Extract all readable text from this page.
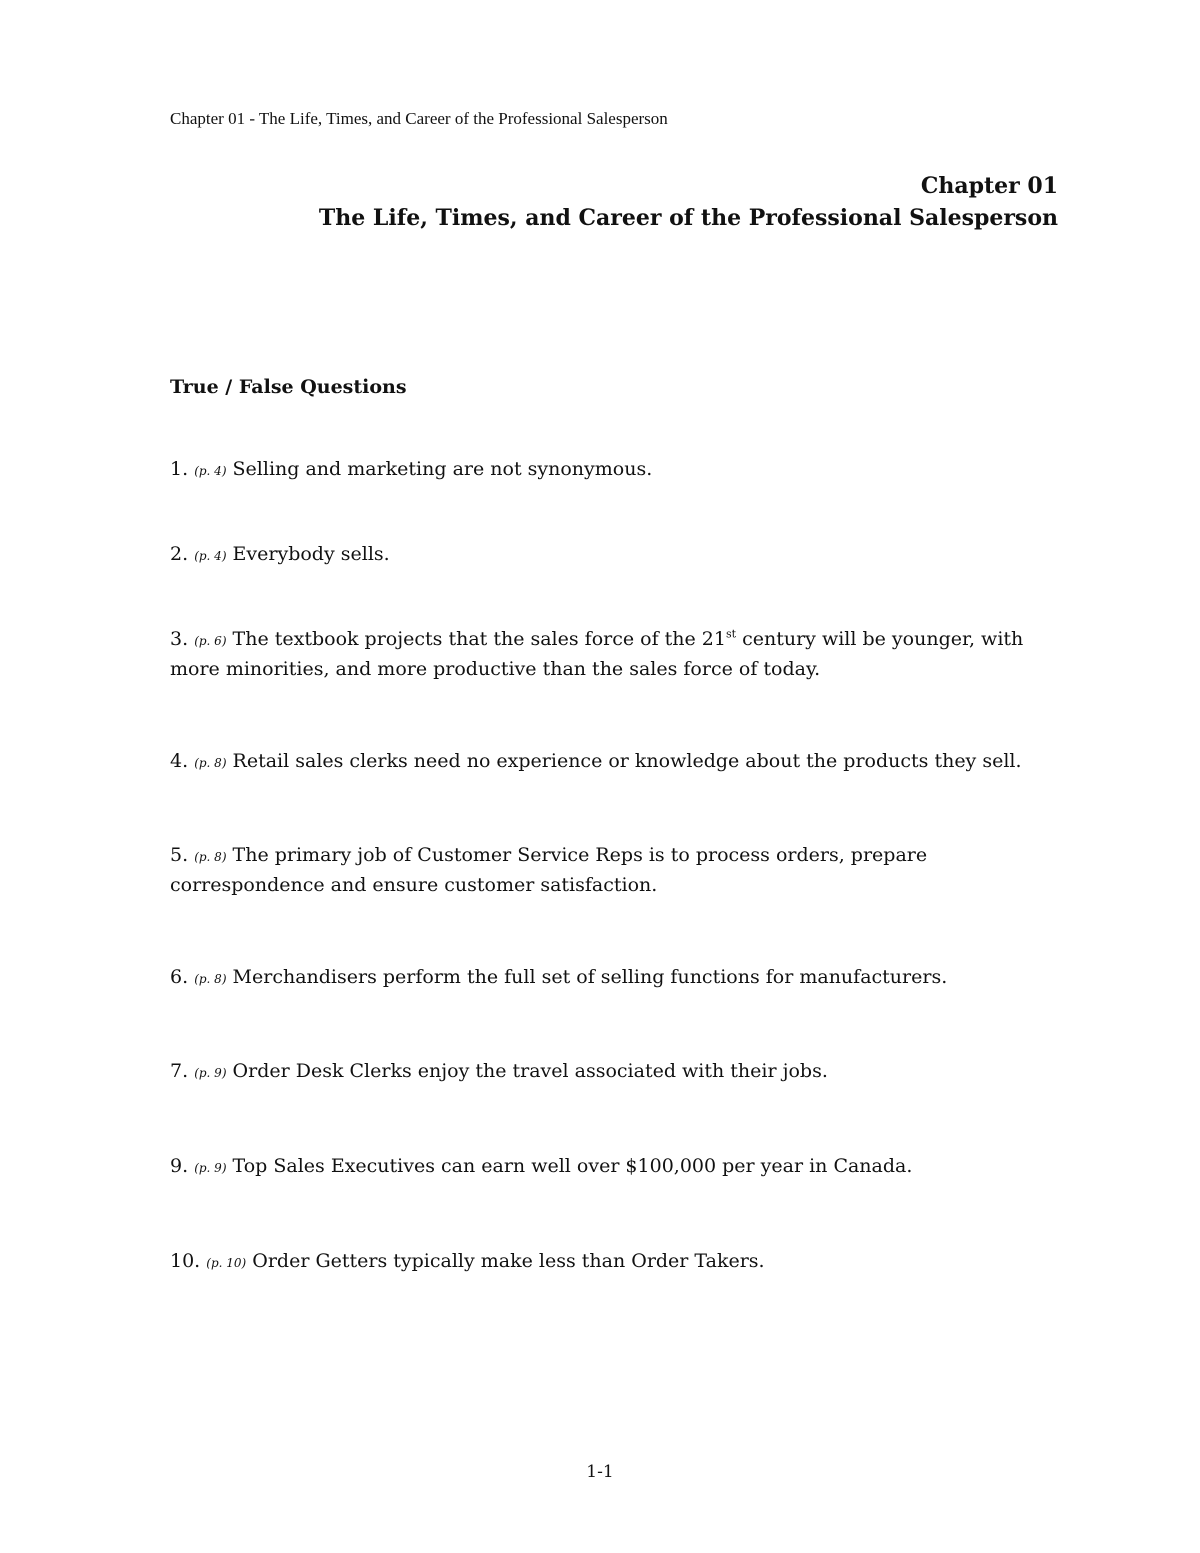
Chapter 01 - The Life, Times, and Career of the Professional Salesperson
Chapter 01
The Life, Times, and Career of the Professional Salesperson
True / False Questions
1. (p. 4) Selling and marketing are not synonymous.
2. (p. 4) Everybody sells.
3. (p. 6) The textbook projects that the sales force of the 21st century will be younger, with more minorities, and more productive than the sales force of today.
4. (p. 8) Retail sales clerks need no experience or knowledge about the products they sell.
5. (p. 8) The primary job of Customer Service Reps is to process orders, prepare correspondence and ensure customer satisfaction.
6. (p. 8) Merchandisers perform the full set of selling functions for manufacturers.
7. (p. 9) Order Desk Clerks enjoy the travel associated with their jobs.
9. (p. 9) Top Sales Executives can earn well over $100,000 per year in Canada.
10. (p. 10) Order Getters typically make less than Order Takers.
1-1
